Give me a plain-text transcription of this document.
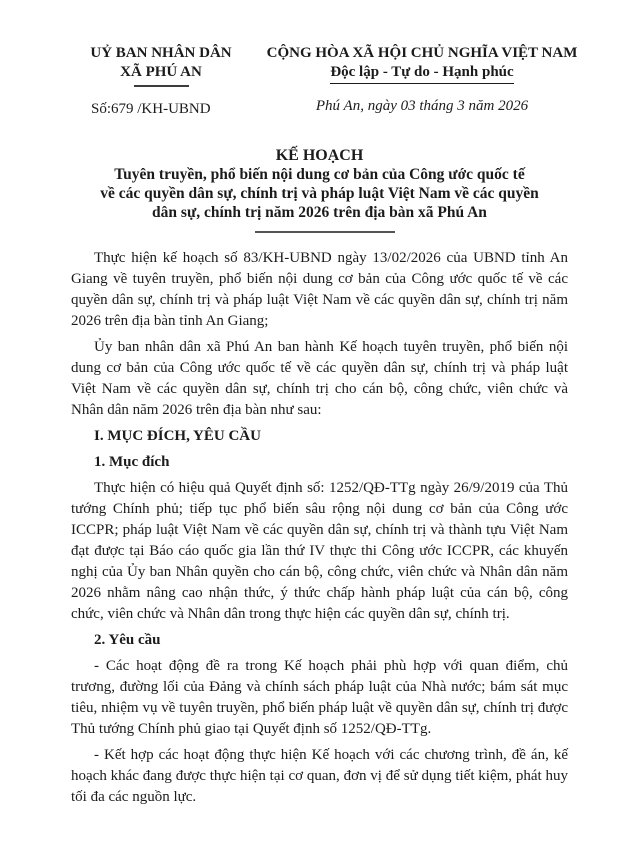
UỶ BAN NHÂN DÂN
XÃ PHÚ AN
Số:679 /KH-UBND
CỘNG HÒA XÃ HỘI CHỦ NGHĨA VIỆT NAM
Độc lập - Tự do - Hạnh phúc
Phú An, ngày 03 tháng 3 năm 2026
KẾ HOẠCH
Tuyên truyền, phổ biến nội dung cơ bản của Công ước quốc tế
về các quyền dân sự, chính trị và pháp luật Việt Nam về các quyền
dân sự, chính trị năm 2026 trên địa bàn xã Phú An

Thực hiện kế hoạch số 83/KH-UBND ngày 13/02/2026 của UBND tỉnh An Giang về tuyên truyền, phổ biến nội dung cơ bản của Công ước quốc tế về các quyền dân sự, chính trị và pháp luật Việt Nam về các quyền dân sự, chính trị năm 2026 trên địa bàn tỉnh An Giang;

Ủy ban nhân dân xã Phú An ban hành Kế hoạch tuyên truyền, phổ biến nội dung cơ bản của Công ước quốc tế về các quyền dân sự, chính trị và pháp luật Việt Nam về các quyền dân sự, chính trị cho cán bộ, công chức, viên chức và Nhân dân năm 2026 trên địa bàn như sau:

I. MỤC ĐÍCH, YÊU CẦU

1. Mục đích

Thực hiện có hiệu quả Quyết định số: 1252/QĐ-TTg ngày 26/9/2019 của Thủ tướng Chính phủ; tiếp tục phổ biến sâu rộng nội dung cơ bản của Công ước ICCPR; pháp luật Việt Nam về các quyền dân sự, chính trị và thành tựu Việt Nam đạt được tại Báo cáo quốc gia lần thứ IV thực thi Công ước ICCPR, các khuyến nghị của Ủy ban Nhân quyền cho cán bộ, công chức, viên chức và Nhân dân năm 2026 nhằm nâng cao nhận thức, ý thức chấp hành pháp luật của cán bộ, công chức, viên chức và Nhân dân trong thực hiện các quyền dân sự, chính trị.

2. Yêu cầu

- Các hoạt động đề ra trong Kế hoạch phải phù hợp với quan điểm, chủ trương, đường lối của Đảng và chính sách pháp luật của Nhà nước; bám sát mục tiêu, nhiệm vụ về tuyên truyền, phổ biến pháp luật về quyền dân sự, chính trị được Thủ tướng Chính phủ giao tại Quyết định số 1252/QĐ-TTg.

- Kết hợp các hoạt động thực hiện Kế hoạch với các chương trình, đề án, kế hoạch khác đang được thực hiện tại cơ quan, đơn vị để sử dụng tiết kiệm, phát huy tối đa các nguồn lực.
